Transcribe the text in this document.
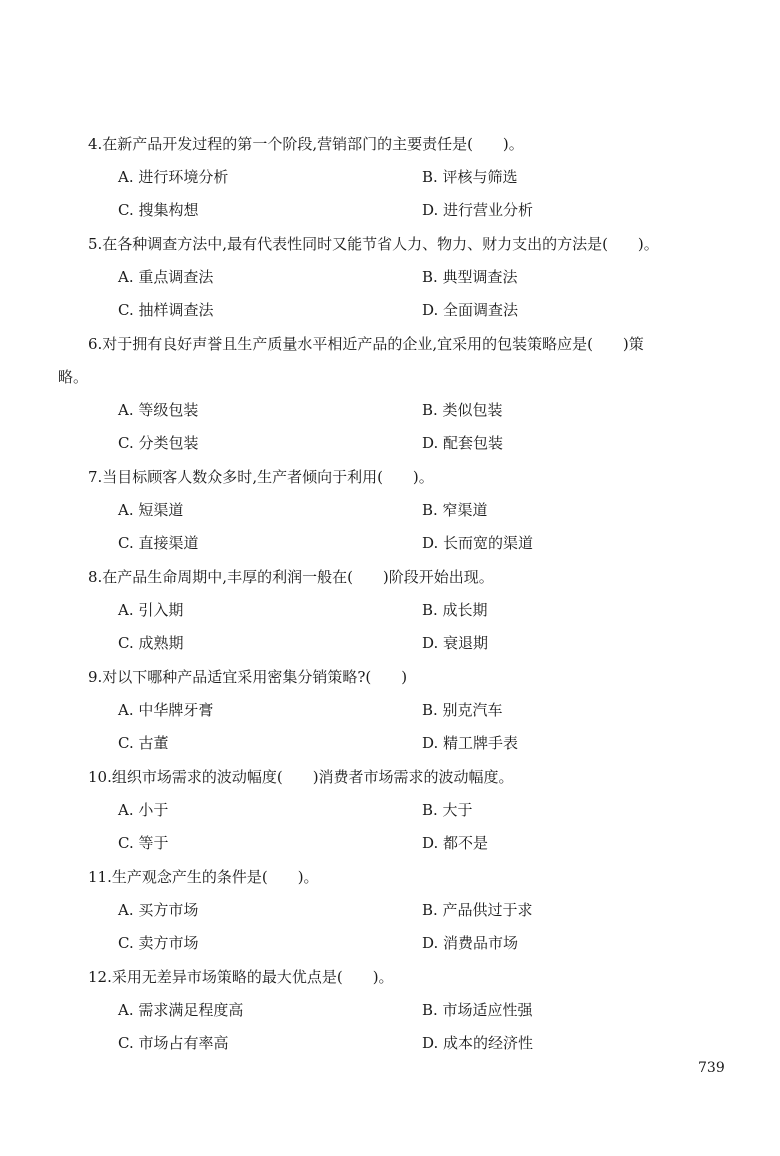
4.在新产品开发过程的第一个阶段,营销部门的主要责任是(　　)。
A. 进行环境分析	B. 评核与筛选
C. 搜集构想	D. 进行营业分析
5.在各种调查方法中,最有代表性同时又能节省人力、物力、财力支出的方法是(　　)。
A. 重点调查法	B. 典型调查法
C. 抽样调查法	D. 全面调查法
6.对于拥有良好声誉且生产质量水平相近产品的企业,宜采用的包装策略应是(　　)策
略。
A. 等级包装	B. 类似包装
C. 分类包装	D. 配套包装
7.当目标顾客人数众多时,生产者倾向于利用(　　)。
A. 短渠道	B. 窄渠道
C. 直接渠道	D. 长而宽的渠道
8.在产品生命周期中,丰厚的利润一般在(　　)阶段开始出现。
A. 引入期	B. 成长期
C. 成熟期	D. 衰退期
9.对以下哪种产品适宜采用密集分销策略?(　　)
A. 中华牌牙膏	B. 别克汽车
C. 古董	D. 精工牌手表
10.组织市场需求的波动幅度(　　)消费者市场需求的波动幅度。
A. 小于	B. 大于
C. 等于	D. 都不是
11.生产观念产生的条件是(　　)。
A. 买方市场	B. 产品供过于求
C. 卖方市场	D. 消费品市场
12.采用无差异市场策略的最大优点是(　　)。
A. 需求满足程度高	B. 市场适应性强
C. 市场占有率高	D. 成本的经济性
739
